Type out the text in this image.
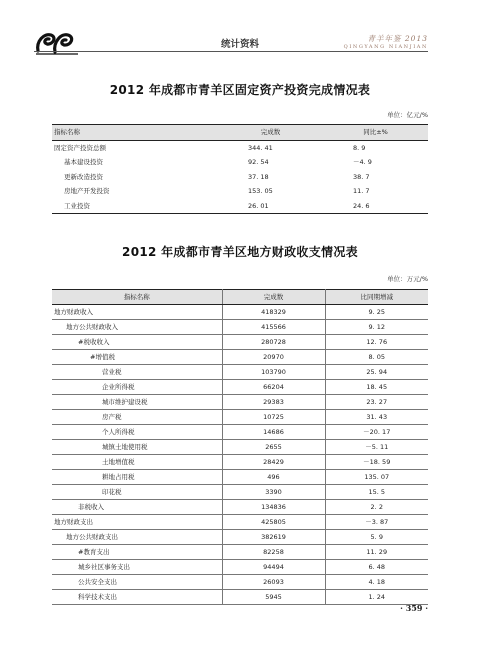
统计资料
青羊年鉴 2013
QINGYANG NIANJIAN
2012 年成都市青羊区固定资产投资完成情况表
单位：亿元/%
指标名称	完成数	同比±%
固定资产投资总额	344. 41	8. 9
基本建设投资	92. 54	－4. 9
更新改造投资	37. 18	38. 7
房地产开发投资	153. 05	11. 7
工业投资	26. 01	24. 6
2012 年成都市青羊区地方财政收支情况表
单位：万元/%
指标名称	完成数	比同期增减
地方财政收入	418329	9. 25
地方公共财政收入	415566	9. 12
#税收收入	280728	12. 76
#增值税	20970	8. 05
营业税	103790	25. 94
企业所得税	66204	18. 45
城市维护建设税	29383	23. 27
房产税	10725	31. 43
个人所得税	14686	－20. 17
城镇土地使用税	2655	－5. 11
土地增值税	28429	－18. 59
耕地占用税	496	135. 07
印花税	3390	15. 5
非税收入	134836	2. 2
地方财政支出	425805	－3. 87
地方公共财政支出	382619	5. 9
#教育支出	82258	11. 29
城乡社区事务支出	94494	6. 48
公共安全支出	26093	4. 18
科学技术支出	5945	1. 24
· 359 ·
